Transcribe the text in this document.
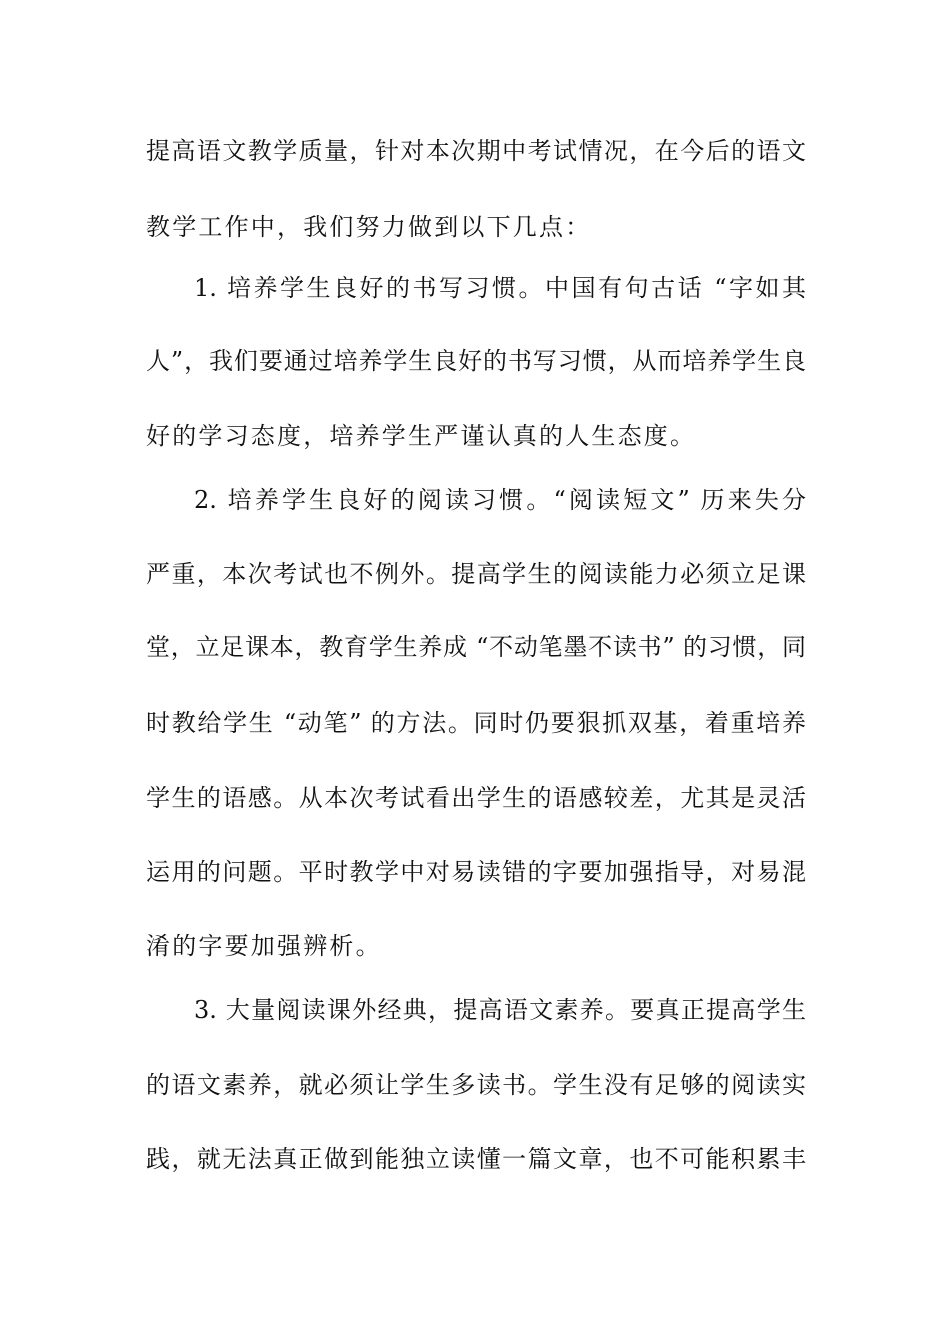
提高语文教学质量，针对本次期中考试情况，在今后的语文
教学工作中，我们努力做到以下几点：
1. 培养学生良好的书写习惯。中国有句古话 “字如其
人”，我们要通过培养学生良好的书写习惯，从而培养学生良
好的学习态度，培养学生严谨认真的人生态度。
2. 培养学生良好的阅读习惯。“阅读短文” 历来失分
严重，本次考试也不例外。提高学生的阅读能力必须立足课
堂，立足课本，教育学生养成 “不动笔墨不读书” 的习惯，同
时教给学生 “动笔” 的方法。同时仍要狠抓双基，着重培养
学生的语感。从本次考试看出学生的语感较差，尤其是灵活
运用的问题。平时教学中对易读错的字要加强指导，对易混
淆的字要加强辨析。
3. 大量阅读课外经典，提高语文素养。要真正提高学生
的语文素养，就必须让学生多读书。学生没有足够的阅读实
践，就无法真正做到能独立读懂一篇文章，也不可能积累丰
